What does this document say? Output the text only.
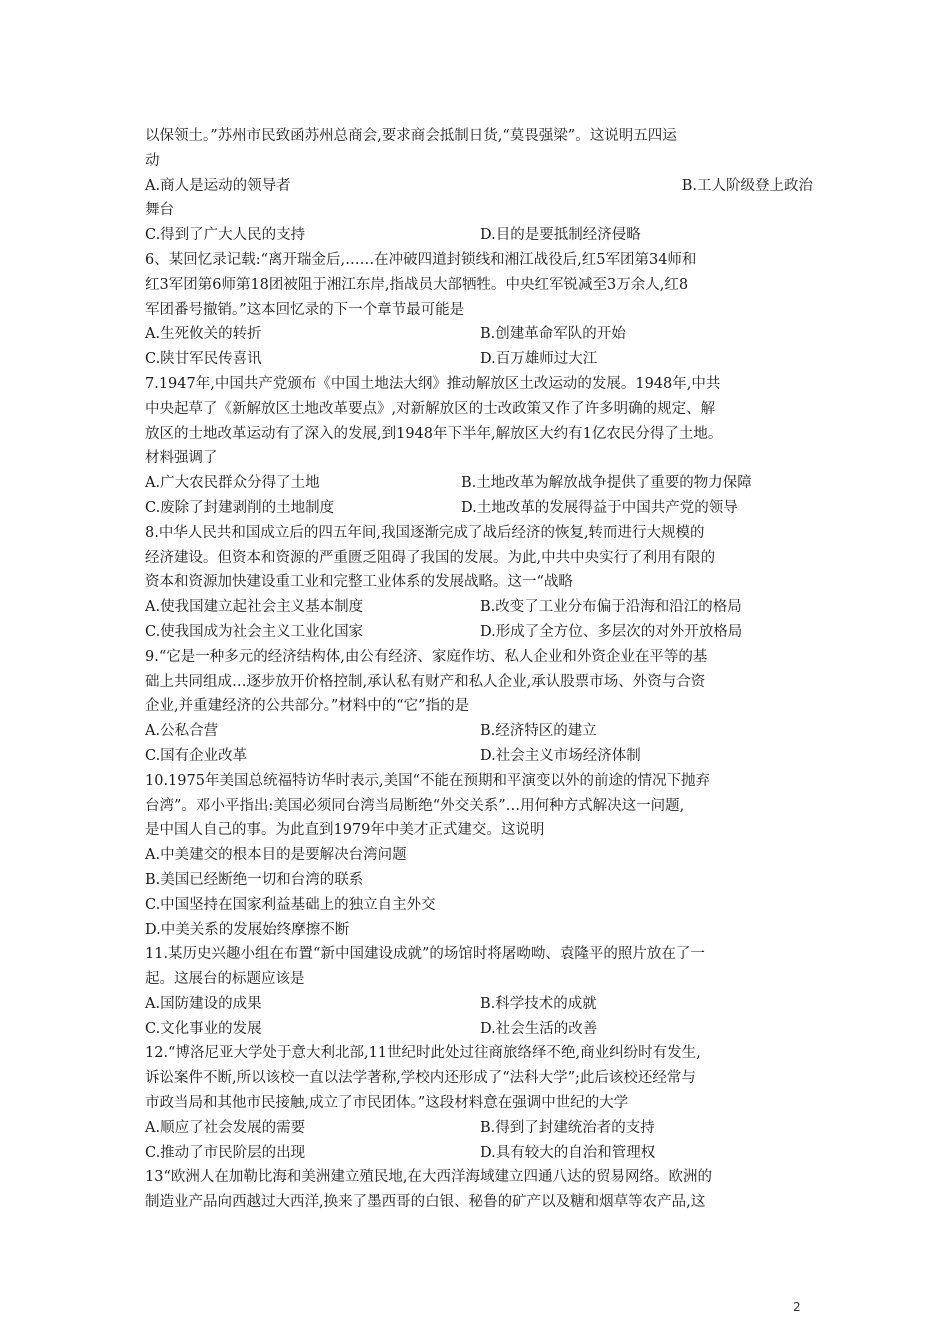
以保领土。”苏州市民致函苏州总商会,要求商会抵制日货,“莫畏强梁”。这说明五四运
动
A.商人是运动的领导者	B.工人阶级登上政治
舞台
C.得到了广大人民的支持	D.目的是要抵制经济侵略
6、某回忆录记载:“离开瑞金后,……在冲破四道封锁线和湘江战役后,红5军团第34师和
红3军团第6师第18团被阻于湘江东岸,指战员大部牺牲。中央红军锐减至3万余人,红8
军团番号撤销。”这本回忆录的下一个章节最可能是
A.生死攸关的转折	B.创建革命军队的开始
C.陕甘军民传喜讯	D.百万雄师过大江
7.1947年,中国共产党颁布《中国土地法大纲》推动解放区土改运动的发展。1948年,中共
中央起草了《新解放区土地改革要点》,对新解放区的士改政策又作了许多明确的规定、解
放区的士地改革运动有了深入的发展,到1948年下半年,解放区大约有1亿农民分得了土地。
材料强调了
A.广大农民群众分得了土地	B.土地改革为解放战争提供了重要的物力保障
C.废除了封建剥削的土地制度	D.土地改革的发展得益于中国共产党的领导
8.中华人民共和国成立后的四五年间,我国逐渐完成了战后经济的恢复,转而进行大规模的
经济建设。但资本和资源的严重匮乏阻碍了我国的发展。为此,中共中央实行了利用有限的
资本和资源加快建设重工业和完整工业体系的发展战略。这一“战略
A.使我国建立起社会主义基本制度	B.改变了工业分布偏于沿海和沿江的格局
C.使我国成为社会主义工业化国家	D.形成了全方位、多层次的对外开放格局
9.“它是一种多元的经济结构体,由公有经济、家庭作坊、私人企业和外资企业在平等的基
础上共同组成…逐步放开价格控制,承认私有财产和私人企业,承认股票市场、外资与合资
企业,并重建经济的公共部分。”材料中的“它”指的是
A.公私合营	B.经济特区的建立
C.国有企业改革	D.社会主义市场经济体制
10.1975年美国总统福特访华时表示,美国“不能在预期和平演变以外的前途的情况下抛弃
台湾”。邓小平指出:美国必须同台湾当局断绝“外交关系”…用何种方式解决这一问题,
是中国人自己的事。为此直到1979年中美才正式建交。这说明
A.中美建交的根本目的是要解决台湾问题
B.美国已经断绝一切和台湾的联系
C.中国坚持在国家利益基础上的独立自主外交
D.中美关系的发展始终摩擦不断
11.某历史兴趣小组在布置“新中国建设成就”的场馆时将屠呦呦、袁隆平的照片放在了一
起。这展台的标题应该是
A.国防建设的成果	B.科学技术的成就
C.文化事业的发展	D.社会生活的改善
12.“博洛尼亚大学处于意大利北部,11世纪时此处过往商旅络绎不绝,商业纠纷时有发生,
诉讼案件不断,所以该校一直以法学著称,学校内还形成了“法科大学”;此后该校还经常与
市政当局和其他市民接触,成立了市民团体。”这段材料意在强调中世纪的大学
A.顺应了社会发展的需要	B.得到了封建统治者的支持
C.推动了市民阶层的出现	D.具有较大的自治和管理权
13“欧洲人在加勒比海和美洲建立殖民地,在大西洋海域建立四通八达的贸易网络。欧洲的
制造业产品向西越过大西洋,换来了墨西哥的白银、秘鲁的矿产以及糖和烟草等农产品,这
2
